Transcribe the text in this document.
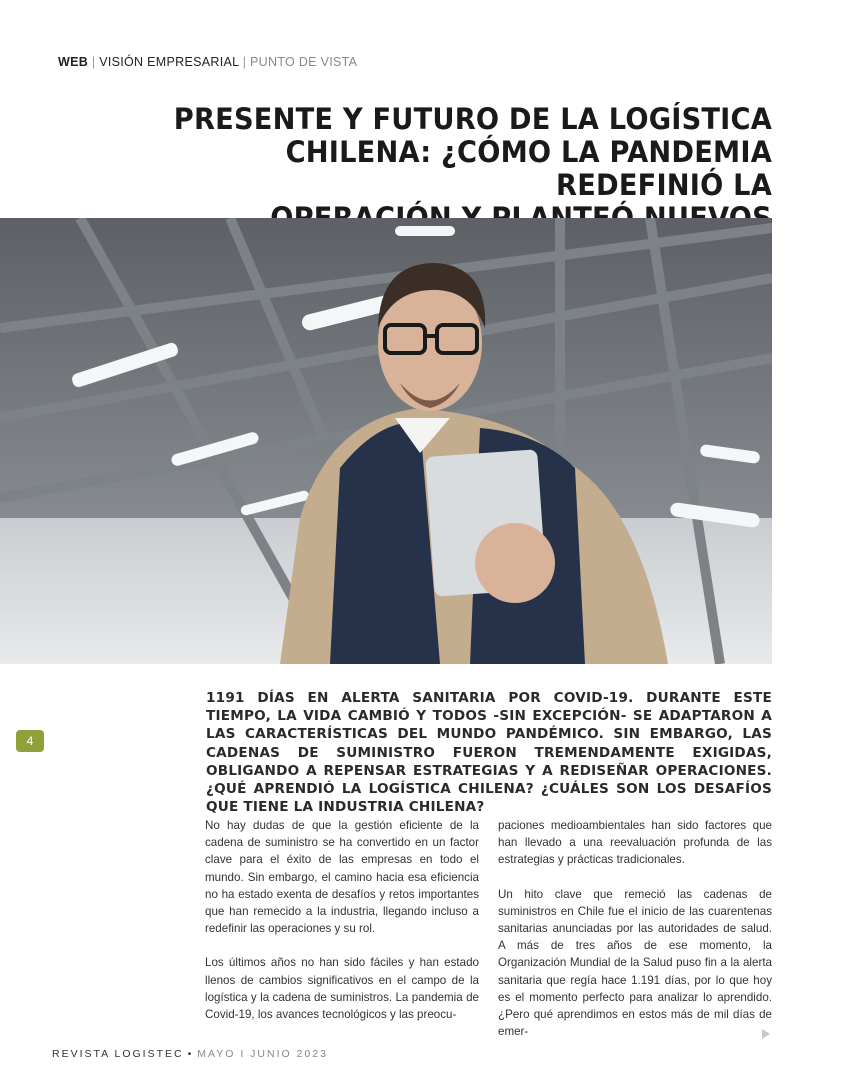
WEB | VISIÓN EMPRESARIAL | PUNTO DE VISTA
PRESENTE Y FUTURO DE LA LOGÍSTICA
CHILENA: ¿CÓMO LA PANDEMIA REDEFINIÓ LA
4

1191 DÍAS EN ALERTA SANITARIA POR COVID-19. DURANTE ESTE TIEMPO, LA VIDA CAMBIÓ Y TODOS -SIN EXCEPCIÓN- SE ADAPTARON A LAS CARACTERÍSTICAS DEL MUNDO PANDÉMICO. SIN EMBARGO, LAS CADENAS DE SUMINISTRO FUERON TREMENDAMENTE EXIGIDAS, OBLIGANDO A REPENSAR ESTRATEGIAS Y A REDISEÑAR OPERACIONES. ¿QUÉ APRENDIÓ LA LOGÍSTICA CHILENA? ¿CUÁLES SON LOS DESAFÍOS QUE TIENE LA INDUSTRIA CHILENA?

No hay dudas de que la gestión eficiente de la cadena de suministro se ha convertido en un factor clave para el éxito de las empresas en todo el mundo. Sin embargo, el camino hacia esa eficiencia no ha estado exenta de desafíos y retos importantes que han remecido a la industria, llegando incluso a redefinir las operaciones y su rol.

Los últimos años no han sido fáciles y han estado llenos de cambios significativos en el campo de la logística y la cadena de suministros. La pandemia de Covid-19, los avances tecnológicos y las preocu-

paciones medioambientales han sido factores que han llevado a una reevaluación profunda de las estrategias y prácticas tradicionales.

Un hito clave que remeció las cadenas de suministros en Chile fue el inicio de las cuarentenas sanitarias anunciadas por las autoridades de salud. A más de tres años de ese momento, la Organización Mundial de la Salud puso fin a la alerta sanitaria que regía hace 1.191 días, por lo que hoy es el momento perfecto para analizar lo aprendido. ¿Pero qué aprendimos en estos más de mil días de emer-

REVISTA LOGISTEC • MAYO I JUNIO 2023
